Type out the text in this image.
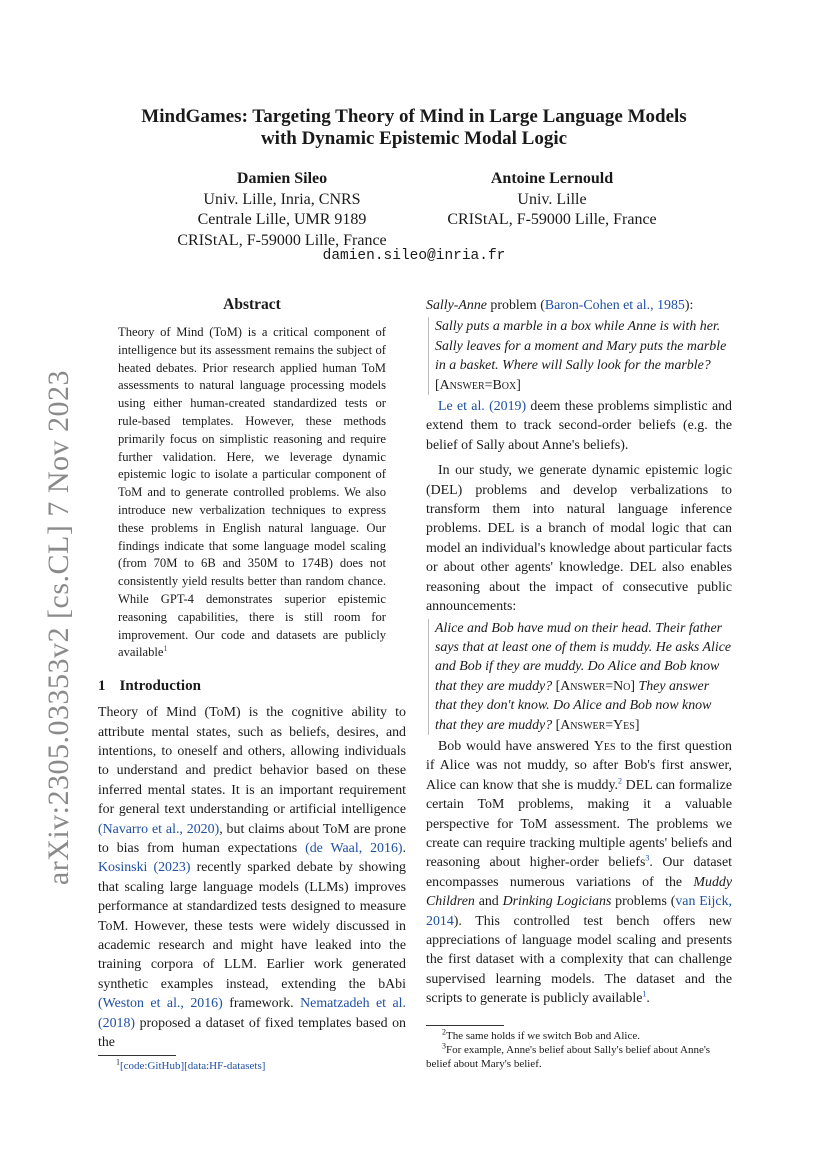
arXiv:2305.03353v2 [cs.CL] 7 Nov 2023
MindGames: Targeting Theory of Mind in Large Language Models
with Dynamic Epistemic Modal Logic
Damien Sileo
Univ. Lille, Inria, CNRS
Centrale Lille, UMR 9189
CRIStAL, F-59000 Lille, France
Antoine Lernould
Univ. Lille
CRIStAL, F-59000 Lille, France
damien.sileo@inria.fr
Abstract
Theory of Mind (ToM) is a critical component of intelligence but its assessment remains the subject of heated debates. Prior research applied human ToM assessments to natural language processing models using either human-created standardized tests or rule-based templates. However, these methods primarily focus on simplistic reasoning and require further validation. Here, we leverage dynamic epistemic logic to isolate a particular component of ToM and to generate controlled problems. We also introduce new verbalization techniques to express these problems in English natural language. Our findings indicate that some language model scaling (from 70M to 6B and 350M to 174B) does not consistently yield results better than random chance. While GPT-4 demonstrates superior epistemic reasoning capabilities, there is still room for improvement. Our code and datasets are publicly available$^1$
1 Introduction
Theory of Mind (ToM) is the cognitive ability to attribute mental states, such as beliefs, desires, and intentions, to oneself and others, allowing individuals to understand and predict behavior based on these inferred mental states. It is an important requirement for general text understanding or artificial intelligence (Navarro et al., 2020), but claims about ToM are prone to bias from human expectations (de Waal, 2016). Kosinski (2023) recently sparked debate by showing that scaling large language models (LLMs) improves performance at standardized tests designed to measure ToM. However, these tests were widely discussed in academic research and might have leaked into the training corpora of LLM. Earlier work generated synthetic examples instead, extending the bAbi (Weston et al., 2016) framework. Nematzadeh et al. (2018) proposed a dataset of fixed templates based on the
$^1$[code:GitHub][data:HF-datasets]
Sally-Anne problem (Baron-Cohen et al., 1985):
Sally puts a marble in a box while Anne is with her. Sally leaves for a moment and Mary puts the marble in a basket. Where will Sally look for the marble? [Answer=Box]
Le et al. (2019) deem these problems simplistic and extend them to track second-order beliefs (e.g. the belief of Sally about Anne's beliefs).
In our study, we generate dynamic epistemic logic (DEL) problems and develop verbalizations to transform them into natural language inference problems. DEL is a branch of modal logic that can model an individual's knowledge about particular facts or about other agents' knowledge. DEL also enables reasoning about the impact of consecutive public announcements:
Alice and Bob have mud on their head. Their father says that at least one of them is muddy. He asks Alice and Bob if they are muddy. Do Alice and Bob know that they are muddy? [Answer=No] They answer that they don't know. Do Alice and Bob now know that they are muddy? [Answer=Yes]
Bob would have answered Yes to the first question if Alice was not muddy, so after Bob's first answer, Alice can know that she is muddy.$^2$ DEL can formalize certain ToM problems, making it a valuable perspective for ToM assessment. The problems we create can require tracking multiple agents' beliefs and reasoning about higher-order beliefs$^3$. Our dataset encompasses numerous variations of the Muddy Children and Drinking Logicians problems (van Eijck, 2014). This controlled test bench offers new appreciations of language model scaling and presents the first dataset with a complexity that can challenge supervised learning models. The dataset and the scripts to generate is publicly available$^1$.
$^2$The same holds if we switch Bob and Alice.
$^3$For example, Anne's belief about Sally's belief about Anne's belief about Mary's belief.
